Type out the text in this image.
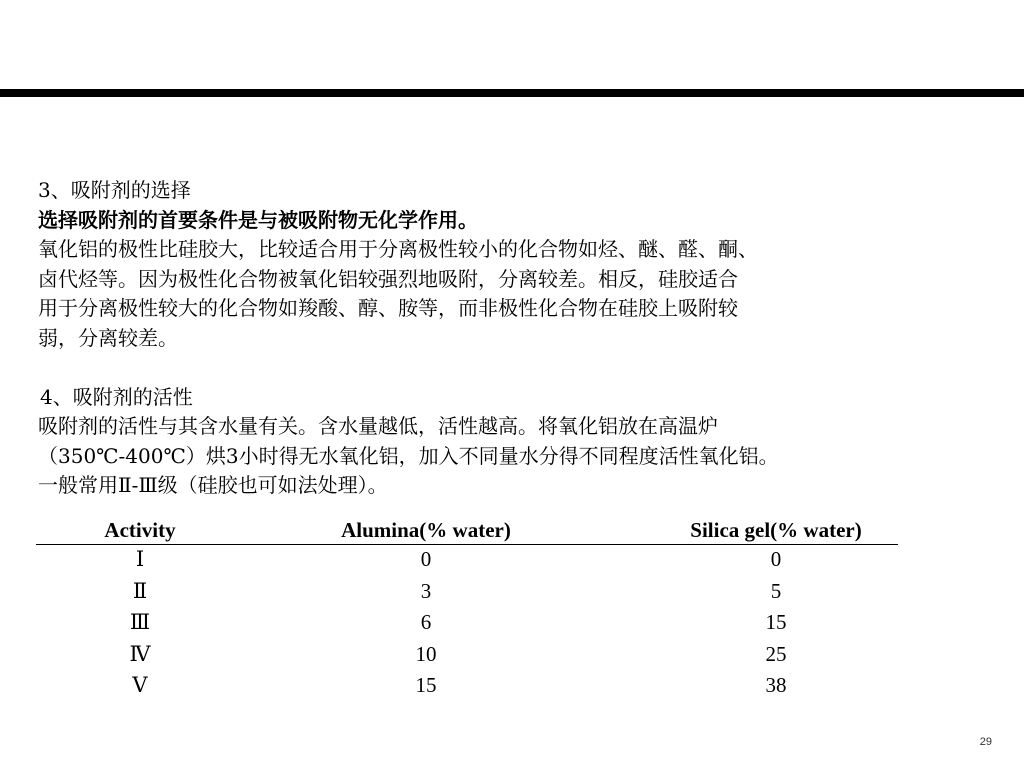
3、吸附剂的选择

选择吸附剂的首要条件是与被吸附物无化学作用。

氧化铝的极性比硅胶大，比较适合用于分离极性较小的化合物如烃、醚、醛、酮、

卤代烃等。因为极性化合物被氧化铝较强烈地吸附，分离较差。相反，硅胶适合

用于分离极性较大的化合物如羧酸、醇、胺等，而非极性化合物在硅胶上吸附较

弱，分离较差。

4、吸附剂的活性

吸附剂的活性与其含水量有关。含水量越低，活性越高。将氧化铝放在高温炉

（350℃-400℃）烘3小时得无水氧化铝，加入不同量水分得不同程度活性氧化铝。

一般常用Ⅱ-Ⅲ级（硅胶也可如法处理）。

Activity	Alumina(% water)	Silica gel(% water)
Ⅰ	0	0
Ⅱ	3	5
Ⅲ	6	15
Ⅳ	10	25
Ⅴ	15	38
29
